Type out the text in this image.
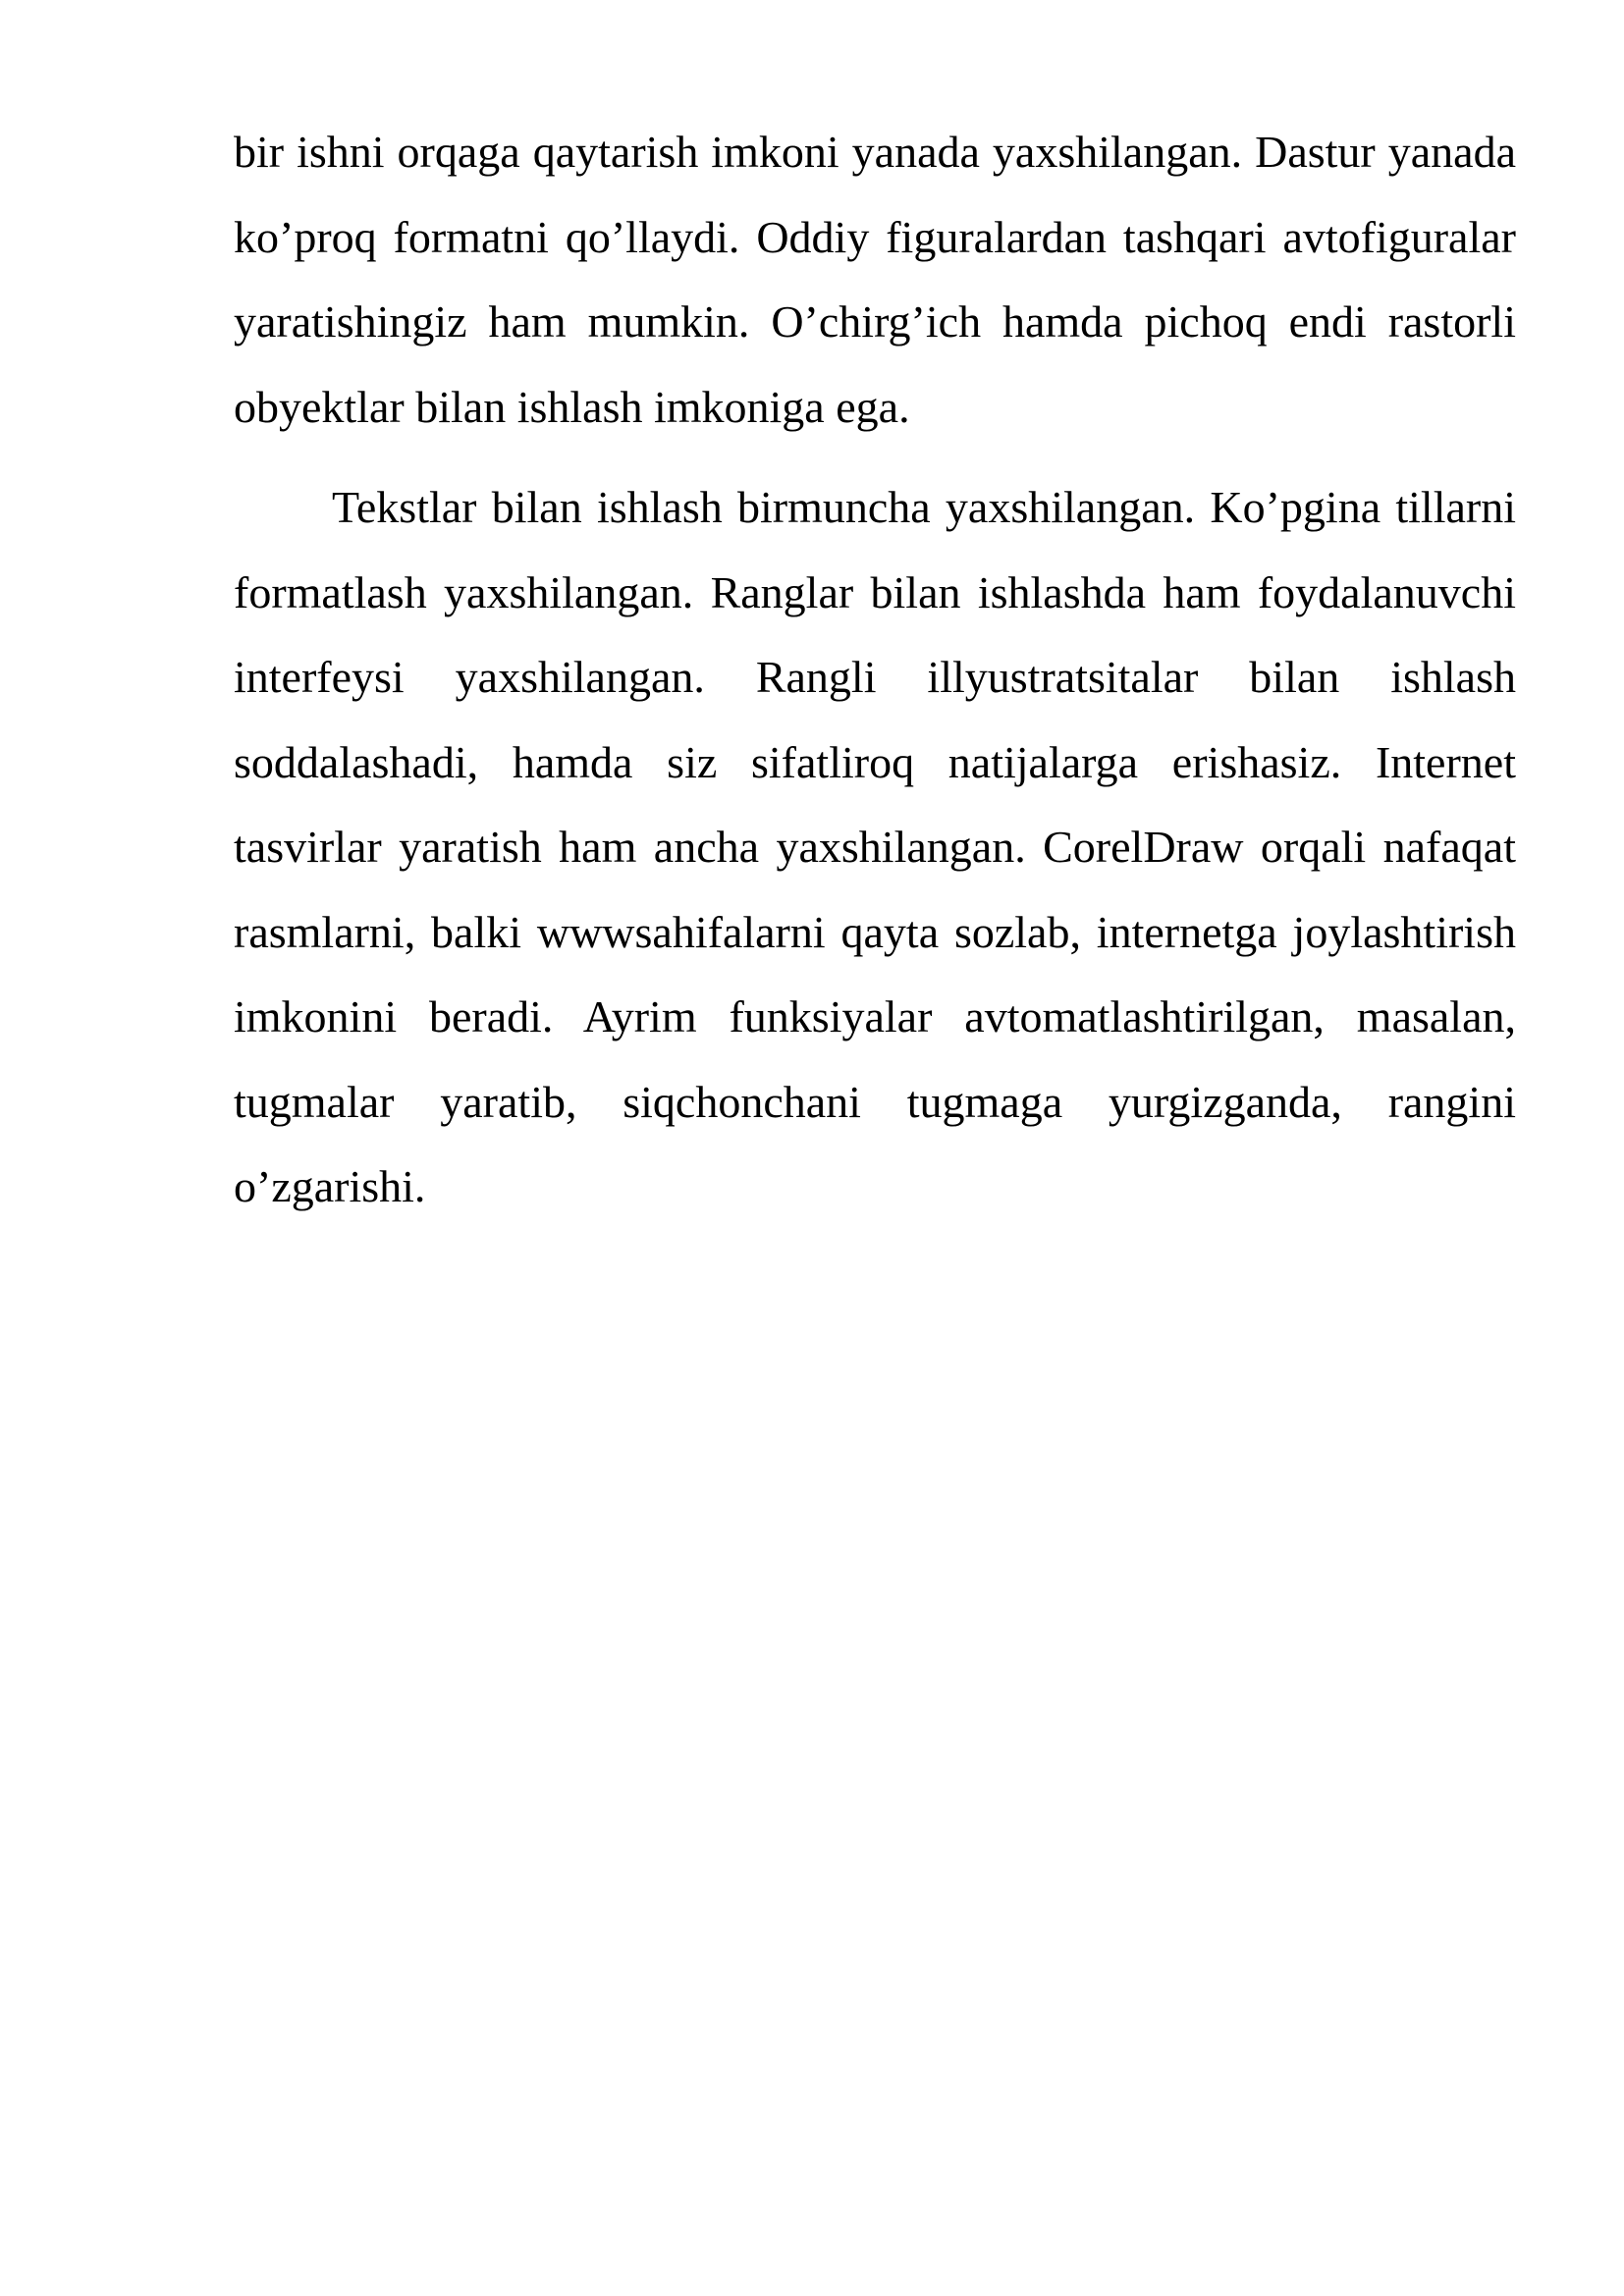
bir ishni orqaga qaytarish imkoni yanada yaxshilangan. Dastur yanada ko’proq formatni qo’llaydi. Oddiy figuralardan tashqari avtofiguralar yaratishingiz ham mumkin. O’chirg’ich hamda pichoq endi rastorli obyektlar bilan ishlash imkoniga ega.

Tekstlar bilan ishlash birmuncha yaxshilangan. Ko’pgina tillarni formatlash yaxshilangan. Ranglar bilan ishlashda ham foydalanuvchi interfeysi yaxshilangan. Rangli illyustratsitalar bilan ishlash soddalashadi, hamda siz sifatliroq natijalarga erishasiz. Internet tasvirlar yaratish ham ancha yaxshilangan. CorelDraw orqali nafaqat rasmlarni, balki wwwsahifalarni qayta sozlab, internetga joylashtirish imkonini beradi. Ayrim funksiyalar avtomatlashtirilgan, masalan, tugmalar yaratib, siqchonchani tugmaga yurgizganda, rangini o’zgarishi.
